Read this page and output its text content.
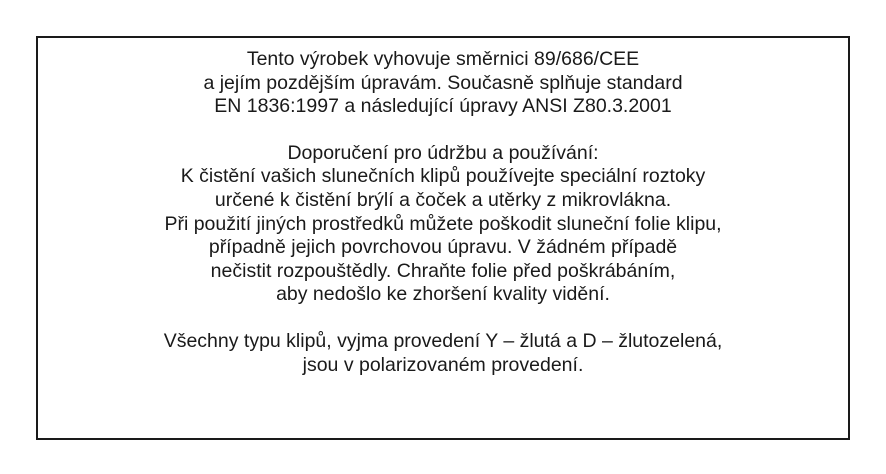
Tento výrobek vyhovuje směrnici 89/686/CEE
a jejím pozdějším úpravám. Současně splňuje standard
EN 1836:1997 a následující úpravy ANSI Z80.3.2001

Doporučení pro údržbu a používání:
K čistění vašich slunečních klipů používejte speciální roztoky
určené k čistění brýlí a čoček a utěrky z mikrovlákna.
Při použití jiných prostředků můžete poškodit sluneční folie klipu,
případně jejich povrchovou úpravu. V žádném případě
nečistit rozpouštědly. Chraňte folie před poškrábáním,
aby nedošlo ke zhoršení kvality vidění.

Všechny typu klipů, vyjma provedení Y – žlutá a D – žlutozelená,
jsou v polarizovaném provedení.
